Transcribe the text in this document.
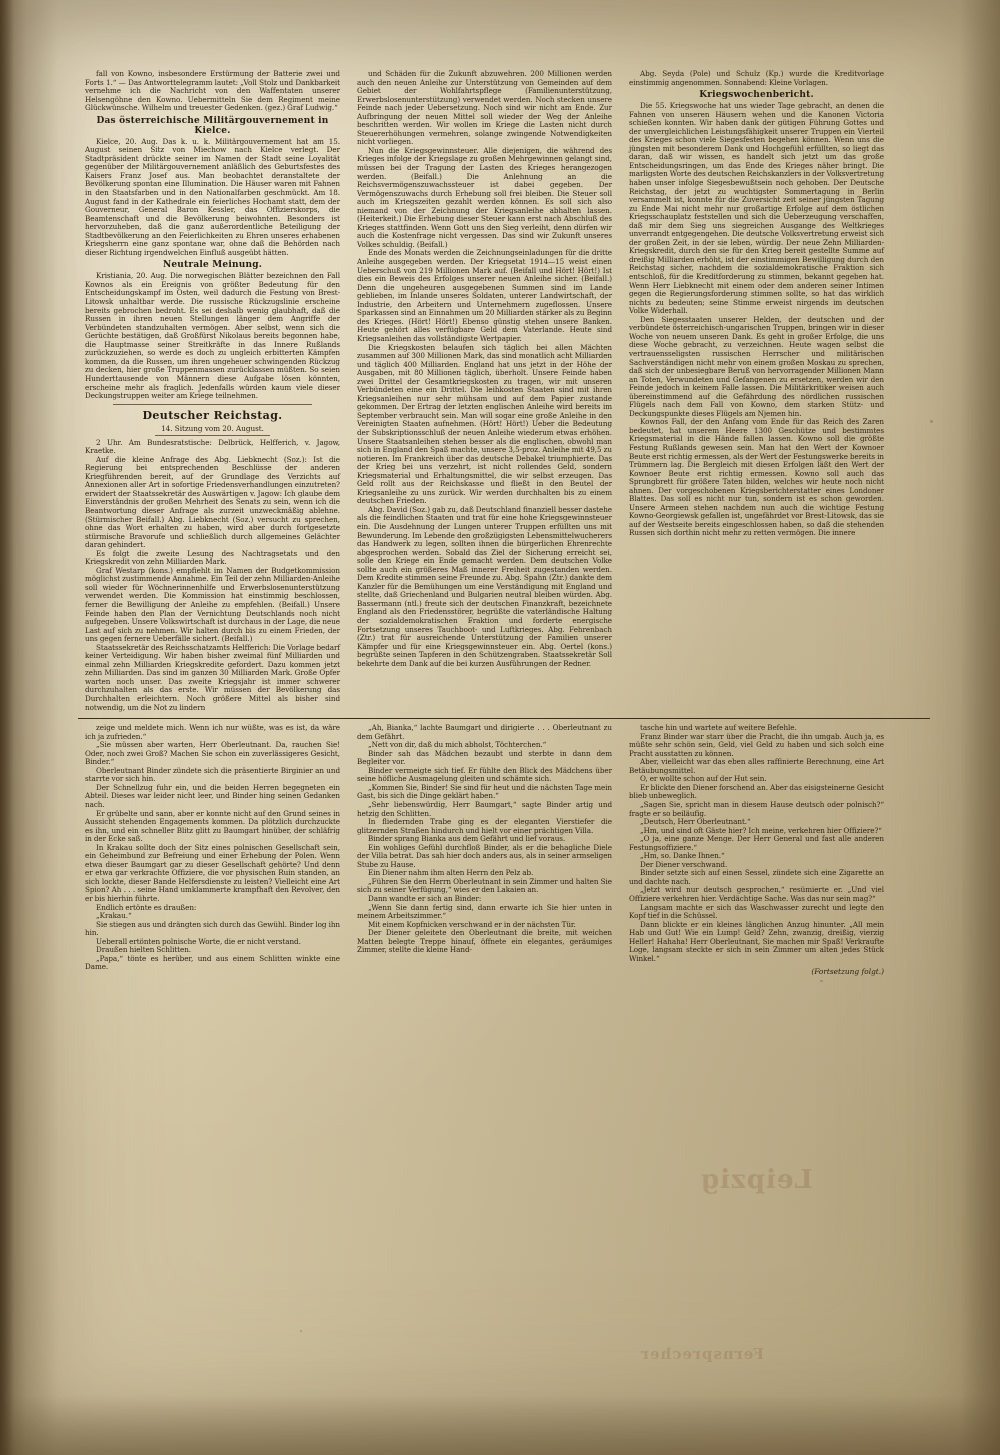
fall von Kowno, insbesondere Erstürmung der Batterie zwei und Forts 1.“ — Das Antworttelegramm lautet: „Voll Stolz und Dankbarkeit vernehme ich die Nachricht von den Waffentaten unserer Helsengöhne den Kowno. Uebermitteln Sie dem Regiment meine Glückwünsche. Wilhelm und treuester Gedenken. (gez.) Graf Ludwig.“

Das österreichische Militärgouvernement in Kielce.

Kielce, 20. Aug. Das k. u. k. Militärgouvernement hat am 15. August seinen Sitz von Miechow nach Kielce verlegt. Der Stadtpräsident drückte seiner im Namen der Stadt seine Loyalität gegenüber der Militärgouvernement anläßlich des Geburtsfestes des Kaisers Franz Josef aus. Man beobachtet deranstaltete der Bevölkerung spontan eine Illumination. Die Häuser waren mit Fahnen in den Staatsfarben und in den Nationalfarben geschmückt. Am 18. August fand in der Kathedrale ein feierliches Hochamt statt, dem der Gouverneur, General Baron Kessler, das Offizierskorps, die Beamtenschaft und die Bevölkerung beiwohnten. Besonders ist hervorzuheben, daß die ganz außerordentliche Beteiligung der Stadtbevölkerung an den Feierlichkeiten zu Ehren unseres erhabenen Kriegsherrn eine ganz spontane war, ohne daß die Behörden nach dieser Richtung irgendwelchen Einfluß ausgeübt hätten.

Neutrale Meinung.

Kristiania, 20. Aug. Die norwegischen Blätter bezeichnen den Fall Kownos als ein Ereignis von größter Bedeutung für den Entscheidungskampf im Osten, weil dadurch die Festung von Brest-Litowsk unhaltbar werde. Die russische Rückzugslinie erscheine bereits gebrochen bedroht. Es sei deshalb wenig glaubhaft, daß die Russen in ihren neuen Stellungen länger dem Angriffe der Verbündeten standzuhalten vermögen. Aber selbst, wenn sich die Gerüchte bestätigen, daß Großfürst Nikolaus bereits begonnen habe, die Hauptmasse seiner Streitkräfte in das Innere Rußlands zurückzuziehen, so werde es doch zu ungleich erbitterten Kämpfen kommen, da die Russen, um ihren ungeheuer schwingenden Rückzug zu decken, hier große Truppenmassen zurücklassen müßten. So seien Hunderttausende von Männern diese Aufgabe lösen könnten, erscheine mehr als fraglich. Jedenfalls würden kaum viele dieser Deckungstruppen weiter am Kriege teilnehmen.

Deutscher Reichstag.
14. Sitzung vom 20. August.

2 Uhr. Am Bundesratstische: Delbrück, Helfferich, v. Jagow, Kraetke.

Auf die kleine Anfrage des Abg. Liebknecht (Soz.): Ist die Regierung bei entsprechenden Beschlüsse der anderen Kriegführenden bereit, auf der Grundlage des Verzichts auf Annexionen aller Art in sofortige Friedensverhandlungen einzutreten? erwidert der Staatssekretär des Auswärtigen v. Jagow: Ich glaube dem Einverständnis der großen Mehrheit des Senats zu sein, wenn ich die Beantwortung dieser Anfrage als zurzeit unzweckmäßig ablehne. (Stürmischer Beifall.) Abg. Liebknecht (Soz.) versucht zu sprechen, ohne das Wort erhalten zu haben, wird aber durch fortgesetzte stürmische Bravorufe und schließlich durch allgemeines Gelächter daran gehindert.

Es folgt die zweite Lesung des Nachtragsetats und den Kriegskredit von zehn Milliarden Mark.

Graf Westarp (kons.) empfiehlt im Namen der Budgetkommission möglichst zustimmende Annahme. Ein Teil der zehn Milliarden-Anleihe soll wieder für Wöchnerinnenhilfe und Erwerbslosenunterstützung verwendet werden. Die Kommission hat einstimmig beschlossen, ferner die Bewilligung der Anleihe zu empfehlen. (Beifall.) Unsere Feinde haben den Plan der Vernichtung Deutschlands noch nicht aufgegeben. Unsere Volkswirtschaft ist durchaus in der Lage, die neue Last auf sich zu nehmen. Wir halten durch bis zu einem Frieden, der uns gegen fernere Ueberfälle sichert. (Beifall.)

Staatssekretär des Reichsschatzamts Helfferich: Die Vorlage bedarf keiner Verteidigung. Wir haben bisher zweimal fünf Milliarden und einmal zehn Milliarden Kriegskredite gefordert. Dazu kommen jetzt zehn Milliarden. Das sind im ganzen 30 Milliarden Mark. Große Opfer warten noch unser. Das zweite Kriegsjahr ist immer schwerer durchzuhalten als das erste. Wir müssen der Bevölkerung das Durchhalten erleichtern. Noch größere Mittel als bisher sind notwendig, um die Not zu lindern

und Schäden für die Zukunft abzuwehren. 200 Millionen werden auch den neuen Anleihe zur Unterstützung von Gemeinden auf dem Gebiet der Wohlfahrtspflege (Familienunterstützung, Erwerbslosenunterstützung) verwendet werden. Noch stecken unsere Feinde nach jeder Uebersetzung. Noch sind wir nicht am Ende. Zur Aufbringung der neuen Mittel soll wieder der Weg der Anleihe beschritten werden. Wir wollen im Kriege die Lasten nicht durch Steuererhöhungen vermehren, solange zwingende Notwendigkeiten nicht vorliegen.

Nun die Kriegsgewinnsteuer. Alle diejenigen, die während des Krieges infolge der Kriegslage zu großen Mehrgewinnen gelangt sind, müssen bei der Tragung der Lasten des Krieges herangezogen werden. (Beifall.) Die Anlehnung an die Reichsvermögenszuwachssteuer ist dabei gegeben. Der Vermögenszuwachs durch Erhebung soll frei bleiben. Die Steuer soll auch im Kriegszeiten gezahlt werden können. Es soll sich also niemand von der Zeichnung der Kriegsanleihe abhalten lassen. (Heiterkeit.) Die Erhebung dieser Steuer kann erst nach Abschluß des Krieges stattfinden. Wenn Gott uns den Sieg verleiht, denn dürfen wir auch die Kostenfrage nicht vergessen. Das sind wir Zukunft unseres Volkes schuldig. (Beifall.)

Ende des Monats werden die Zeichnungseinladungen für die dritte Anleihe ausgegeben werden. Der Kriegsetat 1914—15 weist einen Ueberschuß von 219 Millionen Mark auf. (Beifall und Hört! Hört!) Ist dies ein Beweis des Erfolges unserer neuen Anleihe sicher. (Beifall.) Denn die ungeheuren ausgegebenen Summen sind im Lande geblieben, im Inlande unseres Soldaten, unterer Landwirtschaft, der Industrie, den Arbeitern und Unternehmern zugeflossen. Unsere Sparkassen sind an Einnahmen um 20 Milliarden stärker als zu Beginn des Krieges. (Hört! Hört!) Ebenso günstig stehen unsere Banken. Heute gehört alles verfügbare Geld dem Vaterlande. Heute sind Kriegsanleihen das vollständigste Wertpapier.

Die Kriegskosten belaufen sich täglich bei allen Mächten zusammen auf 300 Millionen Mark, das sind monatlich acht Milliarden und täglich 400 Milliarden. England hat uns jetzt in der Höhe der Ausgaben, mit 80 Millionen täglich, überholt. Unsere Feinde haben zwei Drittel der Gesamtkriegskosten zu tragen, wir mit unseren Verbündeten eine ein Drittel. Die leihkosten Staaten sind mit ihren Kriegsanleihen nur sehr mühsam und auf dem Papier zustande gekommen. Der Ertrag der letzten englischen Anleihe wird bereits im September verbraucht sein. Man will sogar eine große Anleihe in den Vereinigten Staaten aufnehmen. (Hört! Hört!) Ueber die Bedeutung der Subskriptionsschluß der neuen Anleihe wiederum etwas erhöhen. Unsere Staatsanleihen stehen besser als die englischen, obwohl man sich in England den Spaß machte, unsere 3,5-proz. Anleihe mit 49,5 zu notieren. Im Frankreich über das deutsche Debakel triumphierte. Das der Krieg bei uns verzehrt, ist nicht rollendes Geld, sondern Kriegsmaterial und Erhaltungsmittel, die wir selbst erzeugen. Das Geld rollt aus der Reichskasse und fließt in den Beutel der Kriegsanleihe zu uns zurück. Wir werden durchhalten bis zu einem deutschen Frieden.

Abg. David (Soz.) gab zu, daß Deutschland finanziell besser dastehe als die feindlichen Staaten und trat für eine hohe Kriegsgewinnsteuer ein. Die Ausdehnung der Lungen unterer Truppen erfüllten uns mit Bewunderung. Im Lebende den großzügigsten Lebensmittelwucherers das Handwerk zu legen, sollten ihnen die bürgerlichen Ehrenrechte abgesprochen werden. Sobald das Ziel der Sicherung erreicht sei, solle den Kriege ein Ende gemacht werden. Dem deutschen Volke sollte auch ein größeres Maß innerer Freiheit zugestanden werden. Dem Kredite stimmen seine Freunde zu. Abg. Spahn (Ztr.) dankte dem Kanzler für die Bemühungen um eine Verständigung mit England und stellte, daß Griechenland und Bulgarien neutral bleiben würden. Abg. Bassermann (ntl.) freute sich der deutschen Finanzkraft, bezeichnete England als den Friedensstörer, begrüßte die vaterländische Haltung der sozialdemokratischen Fraktion und forderte energische Fortsetzung unseres Tauchboot- und Luftkrieges. Abg. Fehrenbach (Ztr.) trat für ausreichende Unterstützung der Familien unserer Kämpfer und für eine Kriegsgewinnsteuer ein. Abg. Oertel (kons.) begrüßte seinen Tapferen in den Schützengraben. Staatssekretär Soll bekehrte dem Dank auf die bei kurzen Ausführungen der Redner.

Abg. Seyda (Pole) und Schulz (Kp.) wurde die Kreditvorlage einstimmig angenommen. Sonnabend: Kleine Vorlagen.

Kriegswochenbericht.

Die 55. Kriegswoche hat uns wieder Tage gebracht, an denen die Fahnen von unseren Häusern wehen und die Kanonen Victoria schießen konnten. Wir haben dank der gütigen Führung Gottes und der unvergleichlichen Leistungsfähigkeit unserer Truppen ein Vierteil des Krieges schon viele Siegesfesten begehen können. Wenn uns die jüngsten mit besonderem Dank und Hochgefühl erfüllten, so liegt das daran, daß wir wissen, es handelt sich jetzt um das große Entscheidungsringen, um das Ende des Krieges näher bringt. Die marligsten Worte des deutschen Reichskanzlers in der Volksvertretung haben unser infolge Siegesbewußtsein noch gehoben. Der Deutsche Reichstag, der jetzt zu wuchtigster Sommertagung in Berlin versammelt ist, konnte für die Zuversicht zeit seiner jüngsten Tagung zu Ende Mai nicht mehr nur großartige Erfolge auf dem östlichen Kriegsschauplatz feststellen und sich die Ueberzeugung verschaffen, daß mir dem Sieg uns siegreichen Ausgange des Weltkrieges unverrandt entgegengehen. Die deutsche Volksvertretung erweist sich der großen Zeit, in der sie leben, würdig. Der neue Zehn Milliarden-Kriegskredit, durch den sie für den Krieg bereit gestellte Summe auf dreißig Milliarden erhöht, ist der einstimmigen Bewilligung durch den Reichstag sicher, nachdem die sozialdemokratische Fraktion sich entschloß, für die Kreditforderung zu stimmen, bekannt gegeben hat. Wenn Herr Liebknecht mit einem oder dem anderen seiner Intimen gegen die Regierungsforderung stimmen sollte, so hat das wirklich nichts zu bedeuten; seine Stimme erweist nirgends im deutschen Volke Widerhall.

Den Siegesstaaten unserer Helden, der deutschen und der verbündete österreichisch-ungarischen Truppen, bringen wir in dieser Woche von neuem unseren Dank. Es geht in großer Erfolge, die uns diese Woche gebracht, zu verzeichnen. Heute wagen selbst die vertrauensseligsten russischen Herrscher und militärischen Sachverständigen nicht mehr von einem großen Moskau zu sprechen, daß sich der unbesiegbare Beruß von hervorragender Millionen Mann an Toten, Verwundeten und Gefangenen zu ersetzen, werden wir den Feinde jedoch in keinem Falle lassen. Die Militärkritiker weisen auch übereinstimmend auf die Gefährdung des nördlichen russischen Flügels nach dem Fall von Kowno, dem starken Stütz- und Deckungspunkte dieses Flügels am Njemen hin.

Kownos Fall, der den Anfang vom Ende für das Reich des Zaren bedeutet, hat unserem Heere 1300 Geschütze und bestimmtes Kriegsmaterial in die Hände fallen lassen. Kowno soll die größte Festung Rußlands gewesen sein. Man hat den Wert der Kownoer Beute erst richtig ermessen, als der Wert der Festungswerke bereits in Trümmern lag. Die Bergleich mit diesen Erfolgen läßt den Wert der Kownoer Beute erst richtig ermessen. Kowno soll auch das Sprungbrett für größere Taten bilden, welches wir heute noch nicht ahnen. Der vorgeschobenen Kriegsberichterstatter eines Londoner Blattes. Das soll es nicht nur tun, sondern ist es schon geworden. Unsere Armeen stehen nachdem nun auch die wichtige Festung Kowno-Georgiewsk gefallen ist, ungefährdet vor Brest-Litowsk, das sie auf der Westseite bereits eingeschlossen haben, so daß die stehenden Russen sich dorthin nicht mehr zu retten vermögen. Die innere

zeige und meldete mich. Wenn ich nur wüßte, was es ist, da wäre ich ja zufrieden.“

„Sie müssen aber warten, Herr Oberleutnant. Da, rauchen Sie! Oder, noch zwei Groß? Machen Sie schon ein zuverlässigeres Gesicht, Binder.“

Oberleutnant Binder zündete sich die präsentierte Birginier an und starrte vor sich hin.

Der Schnellzug fuhr ein, und die beiden Herren begegneten ein Abteil. Dieses war leider nicht leer, und Binder hing seinen Gedanken nach.

Er grübelte und sann, aber er konnte nicht auf den Grund seines in Aussicht stehenden Engagements kommen. Da plötzlich durchzuckte es ihn, und ein schneller Blitz glitt zu Baumgart hinüber, der schläfrig in der Ecke saß.

In Krakau sollte doch der Sitz eines polnischen Gesellschaft sein, ein Geheimbund zur Befreiung und einer Erhebung der Polen. Wenn etwa dieser Baumgart gar zu dieser Gesellschaft gehörte? Und denn er etwa gar verkrachte Offiziere, die vor physischen Ruin standen, an sich lockte, dieser Bande Helfersdienste zu leisten? Vielleicht eine Art Spion? Ah . . . seine Hand umklammerte krampfhaft den Revolver, den er bis hierhin führte.

Endlich ertönte es draußen:

„Krakau.“

Sie stiegen aus und drängten sich durch das Gewühl. Binder log ihn hin.

Ueberall ertönten polnische Worte, die er nicht verstand.

Draußen hielten Schlitten.

„Papa,“ tönte es herüber, und aus einem Schlitten winkte eine Dame.

„Ah, Bianka,“ lachte Baumgart und dirigierte . . . Oberleutnant zu dem Gefährt.

„Nett von dir, daß du mich abholst, Töchterchen.“

Binder sah das Mädchen bezaubt und sterbte in dann dem Begleiter vor.

Binder vermeigte sich tief. Er fühlte den Blick des Mädchens über seine höfliche Ausmagelung gleiten und schämte sich.

„Kommen Sie, Binder! Sie sind für heut und die nächsten Tage mein Gast, bis sich die Dinge geklärt haben.“

„Sehr liebenswürdig, Herr Baumgart,“ sagte Binder artig und hetzig den Schlitten.

In fliedernden Trabe ging es der eleganten Vierstiefer die glitzernden Straßen hindurch und hielt vor einer prächtigen Villa.

Binder sprang Bianka aus dem Gefährt und lief voraus.

Ein wohliges Gefühl durchfloß Binder, als er die behagliche Diele der Villa betrat. Das sah hier doch anders aus, als in seiner armseligen Stube zu Hause.

Ein Diener nahm ihm alten Herrn den Pelz ab.

„Führen Sie den Herrn Oberleutnant in sein Zimmer und halten Sie sich zu seiner Verfügung,“ wies er den Lakaien an.

Dann wandte er sich an Binder:

„Wenn Sie dann fertig sind, dann erwarte ich Sie hier unten in meinem Arbeitszimmer.“

Mit einem Kopfnicken verschwand er in der nächsten Tür.

Der Diener geleitete den Oberleutnant die breite, mit weichen Matten belegte Treppe hinauf, öffnete ein elegantes, geräumiges Zimmer, stellte die kleine Hand-

tasche hin und wartete auf weitere Befehle.

Franz Binder war starr über die Pracht, die ihn umgab. Auch ja, es müßte sehr schön sein, Geld, viel Geld zu haben und sich solch eine Pracht ausstatten zu können.

Aber, vielleicht war das eben alles raffinierte Berechnung, eine Art Betäubungsmittel.

O, er wollte schon auf der Hut sein.

Er blickte den Diener forschend an. Aber das eisigsteinerne Gesicht blieb unbeweglich.

„Sagen Sie, spricht man in diesem Hause deutsch oder polnisch?“ fragte er so beiläufig.

„Deutsch, Herr Oberleutnant.“

„Hm, und sind oft Gäste hier? Ich meine, verkehren hier Offiziere?“

„O ja, eine ganze Menge. Der Herr General und fast alle anderen Festungsoffiziere.“

„Hm, so. Danke Ihnen.“

Der Diener verschwand.

Binder setzte sich auf einen Sessel, zündete sich eine Zigarette an und dachte nach.

„Jetzt wird nur deutsch gesprochen,“ resümierte er. „Und viel Offiziere verkehren hier. Verdächtige Sache. Was das nur sein mag?“

Langsam machte er sich das Waschwasser zurecht und legte den Kopf tief in die Schüssel.

Dann blickte er ein kleines länglichen Anzug hinunter. „All mein Hab und Gut! Wie ein Lump! Geld? Zehn, zwanzig, dreißig, vierzig Heller! Hahaha! Herr Oberleutnant, Sie machen mir Spaß! Verkraufte Loge, langsam steckte er sich in sein Zimmer um alten jedes Stück Winkel.“

(Fortsetzung folgt.)
Leipzig
Fernsprecher
